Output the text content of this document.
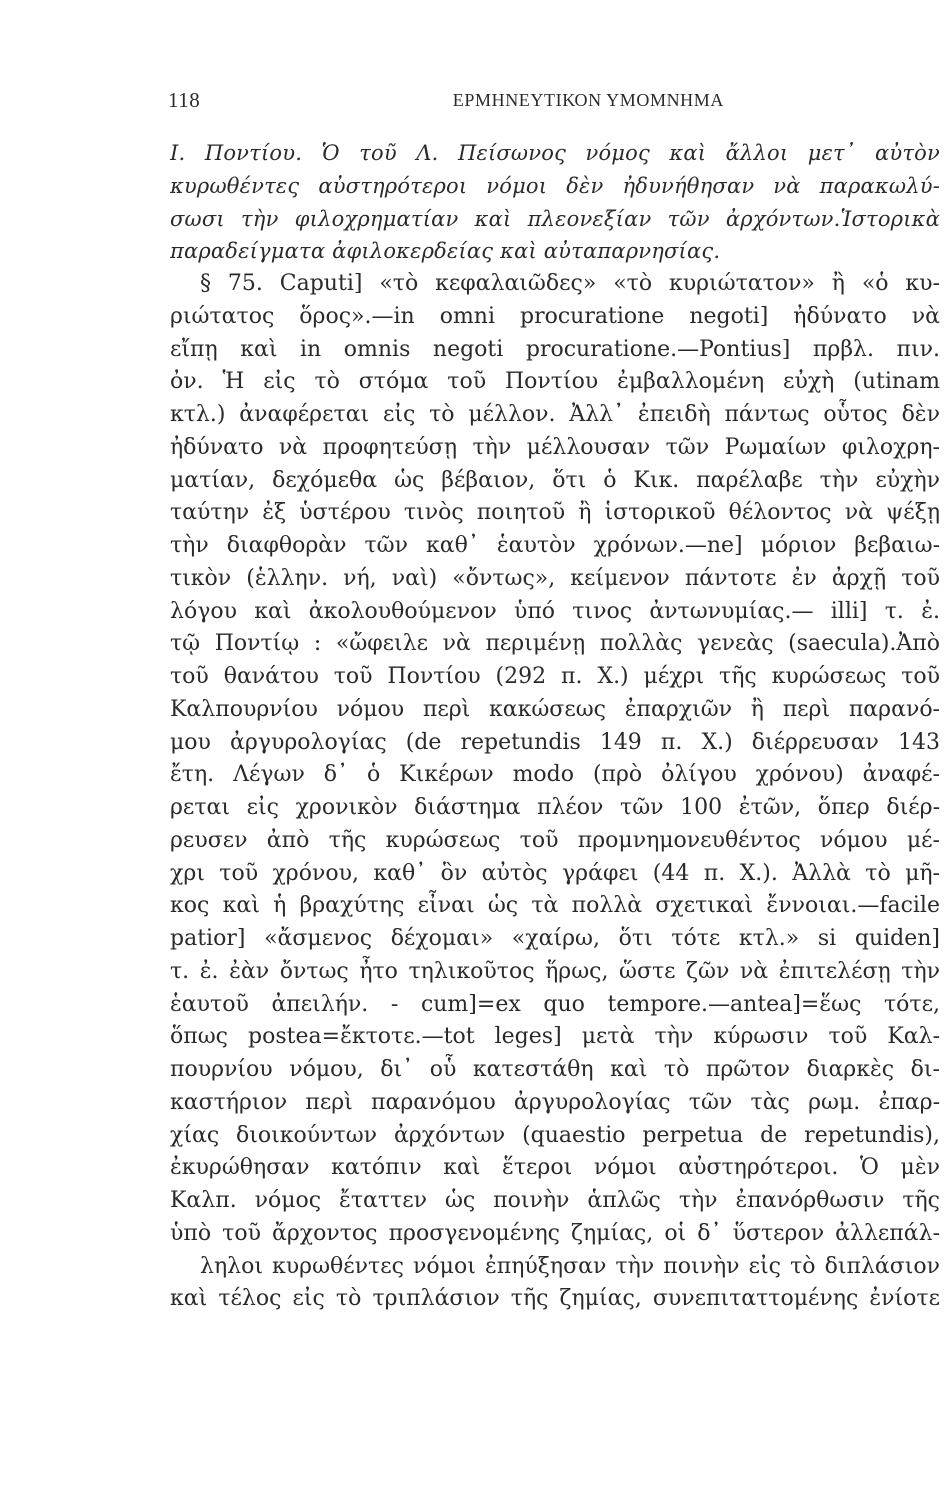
118	ΕΡΜΗΝΕΥΤΙΚΟΝ ΥΜΟΜΝΗΜΑ
Ι. Ποντίου. Ὁ τοῦ Λ. Πείσωνος νόμος καὶ ἄλλοι μετ᾽ αὐτὸν
κυρωθέντες αὐστηρότεροι νόμοι δὲν ἠδυνήθησαν νὰ παρακωλύ-
σωσι τὴν φιλοχρηματίαν καὶ πλεονεξίαν τῶν ἀρχόντων.Ἱστορικὰ
παραδείγματα ἀφιλοκερδείας καὶ αὐταπαρνησίας.
§ 75. Caputi] «τὸ κεφαλαιῶδες» «τὸ κυριώτατον» ἢ «ὁ κυ-
ριώτατος ὅρος».—in omni procuratione negoti] ἠδύνατο νὰ
εἴπῃ καὶ in omnis negoti procuratione.—Pontius] πρβλ. πιν.
ὀν. Ἡ εἰς τὸ στόμα τοῦ Ποντίου ἐμβαλλομένη εὐχὴ (utinam
κτλ.) ἀναφέρεται εἰς τὸ μέλλον. Ἀλλ᾽ ἐπειδὴ πάντως οὗτος δὲν
ἠδύνατο νὰ προφητεύσῃ τὴν μέλλουσαν τῶν Ρωμαίων φιλοχρη-
ματίαν, δεχόμεθα ὡς βέβαιον, ὅτι ὁ Κικ. παρέλαβε τὴν εὐχὴν
ταύτην ἐξ ὑστέρου τινὸς ποιητοῦ ἢ ἱστορικοῦ θέλοντος νὰ ψέξῃ
τὴν διαφθορὰν τῶν καθ᾽ ἑαυτὸν χρόνων.—ne] μόριον βεβαιω-
τικὸν (ἑλλην. νή, ναὶ) «ὄντως», κείμενον πάντοτε ἐν ἀρχῇ τοῦ
λόγου καὶ ἀκολουθούμενον ὑπό τινος ἀντωνυμίας.— illi] τ. ἐ.
τῷ Ποντίῳ : «ὤφειλε νὰ περιμένῃ πολλὰς γενεὰς (saecula).Ἀπὸ
τοῦ θανάτου τοῦ Ποντίου (292 π. Χ.) μέχρι τῆς κυρώσεως τοῦ
Καλπουρνίου νόμου περὶ κακώσεως ἐπαρχιῶν ἢ περὶ παρανό-
μου ἀργυρολογίας (de repetundis 149 π. Χ.) διέρρευσαν 143
ἔτη. Λέγων δ᾽ ὁ Κικέρων modo (πρὸ ὀλίγου χρόνου) ἀναφέ-
ρεται εἰς χρονικὸν διάστημα πλέον τῶν 100 ἐτῶν, ὅπερ διέρ-
ρευσεν ἀπὸ τῆς κυρώσεως τοῦ προμνημονευθέντος νόμου μέ-
χρι τοῦ χρόνου, καθ᾽ ὃν αὐτὸς γράφει (44 π. Χ.). Ἀλλὰ τὸ μῆ-
κος καὶ ἡ βραχύτης εἶναι ὡς τὰ πολλὰ σχετικαὶ ἔννοιαι.—facile
patior] «ἄσμενος δέχομαι» «χαίρω, ὅτι τότε κτλ.» si quiden]
τ. ἐ. ἐὰν ὄντως ἦτο τηλικοῦτος ἥρως, ὥστε ζῶν νὰ ἐπιτελέσῃ τὴν
ἑαυτοῦ ἀπειλήν. - cum]=ex quo tempore.—antea]=ἕως τότε,
ὅπως postea=ἔκτοτε.—tot leges] μετὰ τὴν κύρωσιν τοῦ Καλ-
πουρνίου νόμου, δι᾽ οὗ κατεστάθη καὶ τὸ πρῶτον διαρκὲς δι-
καστήριον περὶ παρανόμου ἀργυρολογίας τῶν τὰς ρωμ. ἐπαρ-
χίας διοικούντων ἀρχόντων (quaestio perpetua de repetundis),
ἐκυρώθησαν κατόπιν καὶ ἕτεροι νόμοι αὐστηρότεροι. Ὁ μὲν
Καλπ. νόμος ἔταττεν ὡς ποινὴν ἁπλῶς τὴν ἐπανόρθωσιν τῆς
ὑπὸ τοῦ ἄρχοντος προσγενομένης ζημίας, οἱ δ᾽ ὕστερον ἀλλεπάλ-
ληλοι κυρωθέντες νόμοι ἐπηύξησαν τὴν ποινὴν εἰς τὸ διπλάσιον
καὶ τέλος εἰς τὸ τριπλάσιον τῆς ζημίας, συνεπιταττομένης ἐνίοτε
